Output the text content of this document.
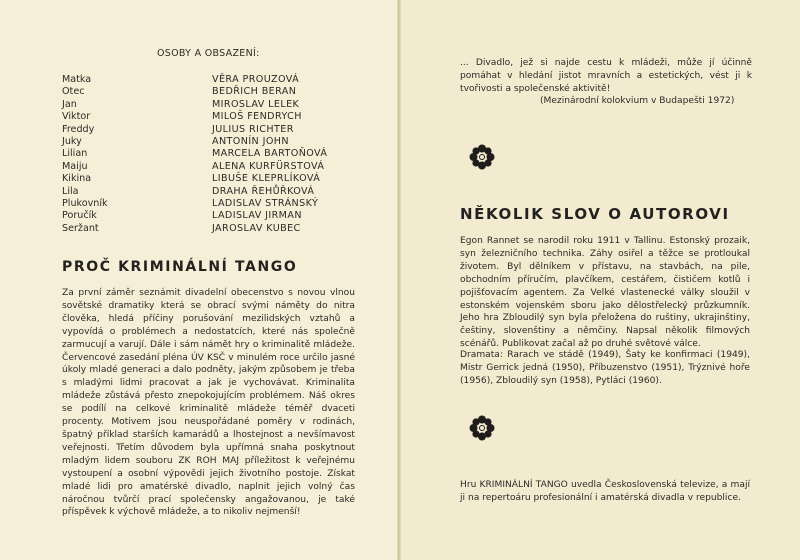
OSOBY A OBSAZENÍ:
Matka	VĚRA PROUZOVÁ
Otec	BEDŘICH BERAN
Jan	MIROSLAV LELEK
Viktor	MILOŠ FENDRYCH
Freddy	JULIUS RICHTER
Juky	ANTONÍN JOHN
Lilian	MARCELA BARTOŇOVÁ
Maiju	ALENA KURFÜRSTOVÁ
Kikina	LIBUŠE KLEPRLÍKOVÁ
Lila	DRAHA ŘEHŮŘKOVÁ
Plukovník	LADISLAV STRÁNSKÝ
Poručík	LADISLAV JIRMAN
Seržant	JAROSLAV KUBEC
PROČ KRIMINÁLNÍ TANGO
Za první záměr seznámit divadelní obecenstvo s novou vlnou sovětské dramatiky která se obrací svými náměty do nitra člověka, hledá příčiny porušování mezilidských vztahů a vypovídá o problémech a nedostatcích, které nás společně zarmucují a varují. Dále i sám námět hry o kriminalitě mládeže. Červencové zasedání pléna ÚV KSČ v minulém roce určilo jasné úkoly mladé generaci a dalo podněty, jakým způsobem je třeba s mladými lidmi pracovat a jak je vychovávat. Kriminalita mládeže zůstává přesto znepokojujícím problémem. Náš okres se podílí na celkové kriminalitě mládeže téměř dvaceti procenty. Motivem jsou neuspořádané poměry v rodinách, špatný příklad starších kamarádů a lhostejnost a nevšímavost veřejnosti. Třetím důvodem byla upřímná snaha poskytnout mladým lidem souboru ZK ROH MAJ příležitost k veřejnému vystoupení a osobní výpovědi jejich životního postoje. Získat mladé lidi pro amatérské divadlo, naplnit jejich volný čas náročnou tvůrčí prací společensky angažovanou, je také příspěvek k výchově mládeže, a to nikoliv nejmenší!
... Divadlo, jež si najde cestu k mládeži, může jí účinně pomáhat v hledání jistot mravních a estetických, vést ji k tvořivosti a společenské aktivitě!
(Mezinárodní kolokvium v Budapešti 1972)
NĚKOLIK SLOV O AUTOROVI
Egon Rannet se narodil roku 1911 v Tallinu. Estonský prozaik, syn železničního technika. Záhy osiřel a těžce se protloukal životem. Byl dělníkem v přístavu, na stavbách, na pile, obchodním příručím, plavčíkem, cestářem, čističem kotlů i pojišťovacím agentem. Za Velké vlastenecké války sloužil v estonském vojenském sboru jako dělostřelecký průzkumník. Jeho hra Zbloudilý syn byla přeložena do ruštiny, ukrajinštiny, češtiny, slovenštiny a němčiny. Napsal několik filmových scénářů. Publikovat začal až po druhé světové válce.
Dramata: Rarach ve stádě (1949), Šaty ke konfirmaci (1949), Mistr Gerrick jedná (1950), Příbuzenstvo (1951), Trýznivé hoře (1956), Zbloudilý syn (1958), Pytláci (1960).
Hru KRIMINÁLNÍ TANGO uvedla Československá televize, a mají ji na repertoáru profesionální i amatérská divadla v republice.
